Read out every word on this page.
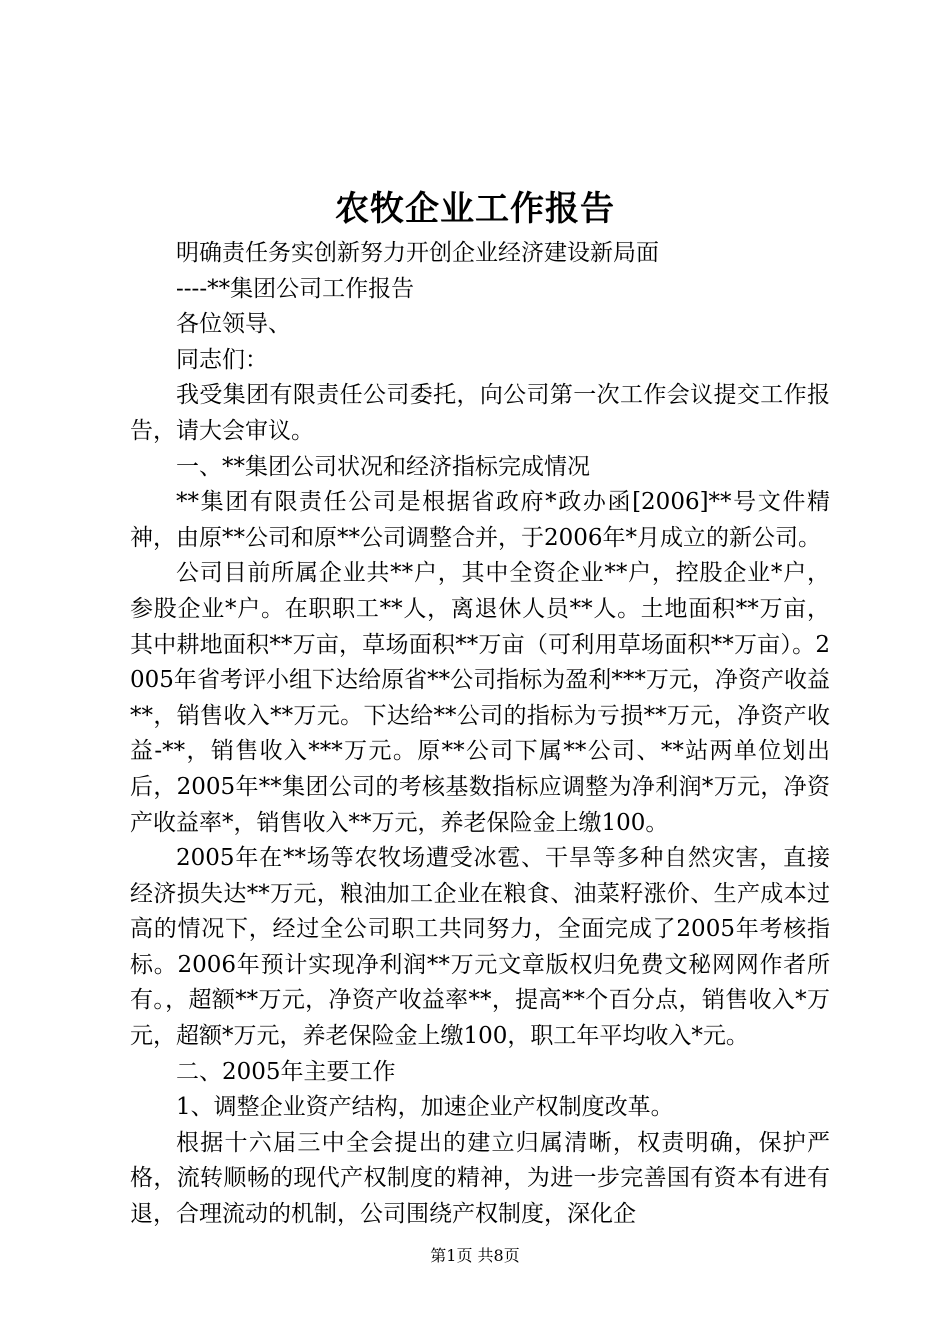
农牧企业工作报告

明确责任务实创新努力开创企业经济建设新局面

----**集团公司工作报告

各位领导、

同志们：

我受集团有限责任公司委托，向公司第一次工作会议提交工作报告，请大会审议。

一、**集团公司状况和经济指标完成情况

**集团有限责任公司是根据省政府*政办函[2006]**号文件精神，由原**公司和原**公司调整合并，于2006年*月成立的新公司。

公司目前所属企业共**户，其中全资企业**户，控股企业*户，参股企业*户。在职职工**人，离退休人员**人。土地面积**万亩，其中耕地面积**万亩，草场面积**万亩（可利用草场面积**万亩）。2005年省考评小组下达给原省**公司指标为盈利***万元，净资产收益**，销售收入**万元。下达给**公司的指标为亏损**万元，净资产收益-**，销售收入***万元。原**公司下属**公司、**站两单位划出后，2005年**集团公司的考核基数指标应调整为净利润*万元，净资产收益率*，销售收入**万元，养老保险金上缴100。

2005年在**场等农牧场遭受冰雹、干旱等多种自然灾害，直接经济损失达**万元，粮油加工企业在粮食、油菜籽涨价、生产成本过高的情况下，经过全公司职工共同努力，全面完成了2005年考核指标。2006年预计实现净利润**万元文章版权归免费文秘网网作者所有。，超额**万元，净资产收益率**，提高**个百分点，销售收入*万元，超额*万元，养老保险金上缴100，职工年平均收入*元。

二、2005年主要工作

1、调整企业资产结构，加速企业产权制度改革。

根据十六届三中全会提出的建立归属清晰，权责明确，保护严格，流转顺畅的现代产权制度的精神，为进一步完善国有资本有进有退，合理流动的机制，公司围绕产权制度，深化企

第1页 共8页
